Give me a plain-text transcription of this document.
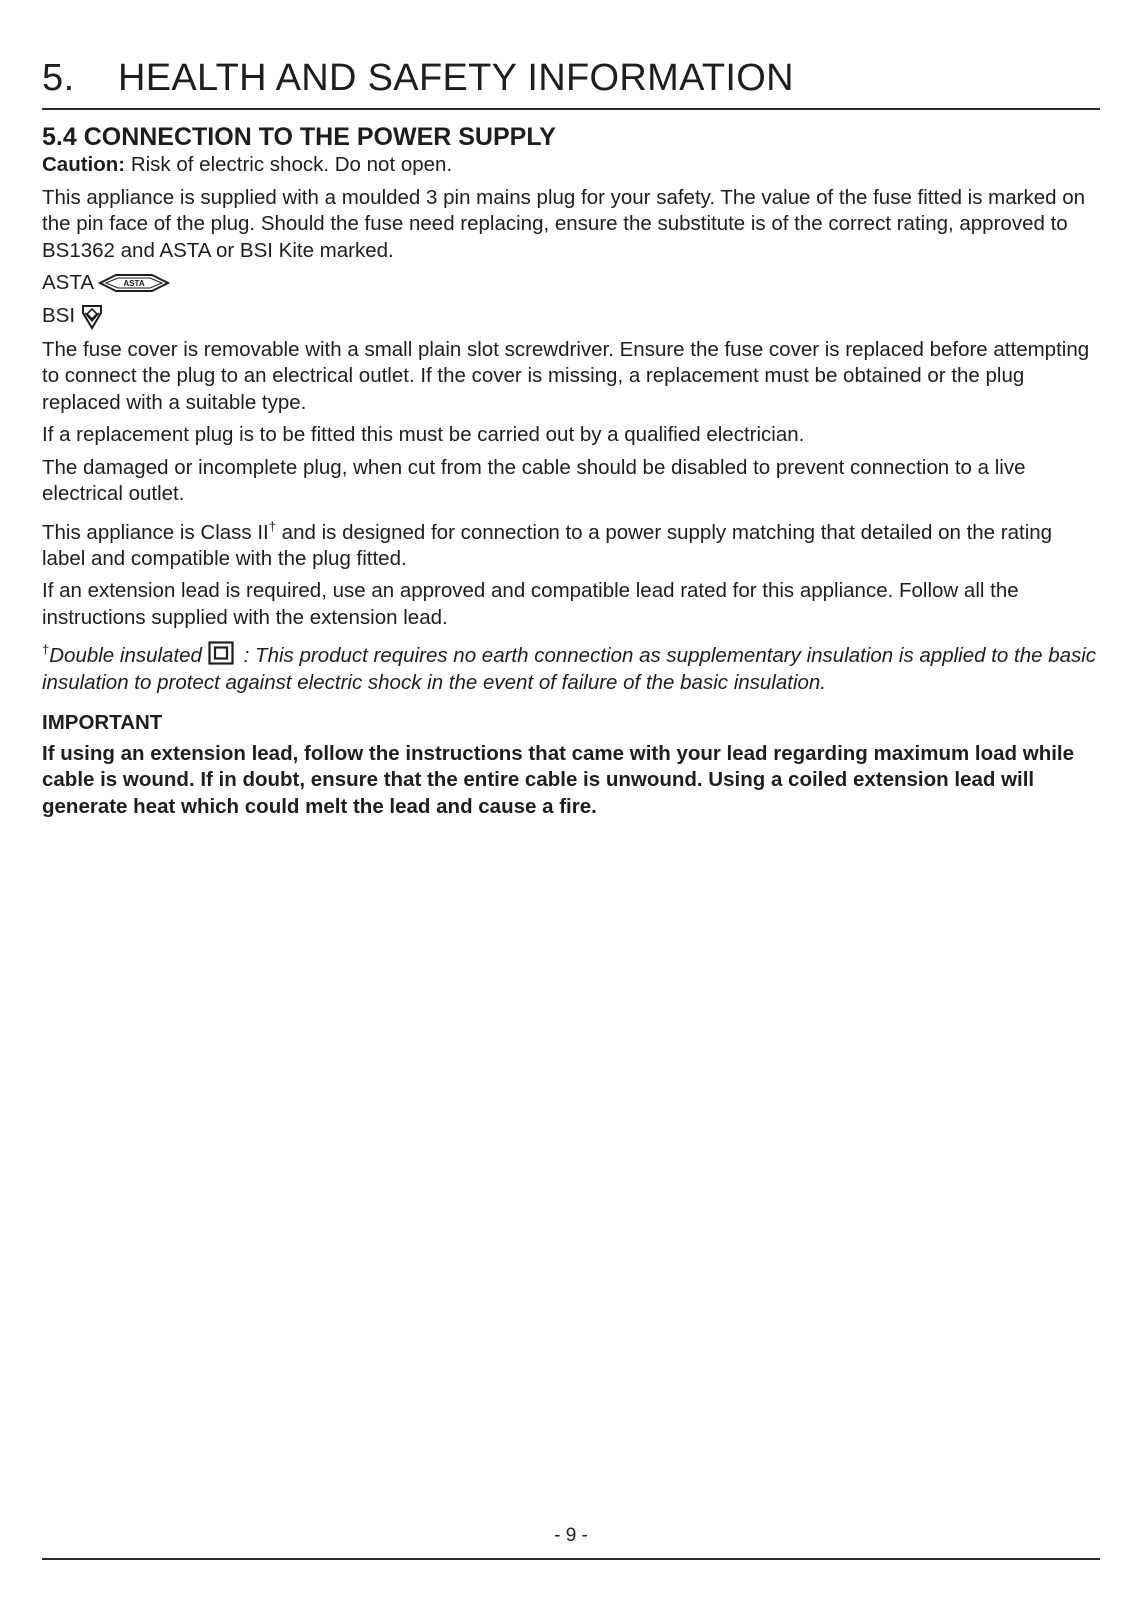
5. HEALTH AND SAFETY INFORMATION
5.4 CONNECTION TO THE POWER SUPPLY

Caution: Risk of electric shock. Do not open.

This appliance is supplied with a moulded 3 pin mains plug for your safety. The value of the fuse fitted is marked on the pin face of the plug. Should the fuse need replacing, ensure the substitute is of the correct rating, approved to BS1362 and ASTA or BSI Kite marked.

ASTA	ASTA
BSI

The fuse cover is removable with a small plain slot screwdriver. Ensure the fuse cover is replaced before attempting to connect the plug to an electrical outlet. If the cover is missing, a replacement must be obtained or the plug replaced with a suitable type.

If a replacement plug is to be fitted this must be carried out by a qualified electrician.

The damaged or incomplete plug, when cut from the cable should be disabled to prevent connection to a live electrical outlet.

This appliance is Class II† and is designed for connection to a power supply matching that detailed on the rating label and compatible with the plug fitted.

If an extension lead is required, use an approved and compatible lead rated for this appliance. Follow all the instructions supplied with the extension lead.

†Double insulated : This product requires no earth connection as supplementary insulation is applied to the basic insulation to protect against electric shock in the event of failure of the basic insulation.

IMPORTANT

If using an extension lead, follow the instructions that came with your lead regarding maximum load while cable is wound. If in doubt, ensure that the entire cable is unwound. Using a coiled extension lead will generate heat which could melt the lead and cause a fire.

- 9 -
